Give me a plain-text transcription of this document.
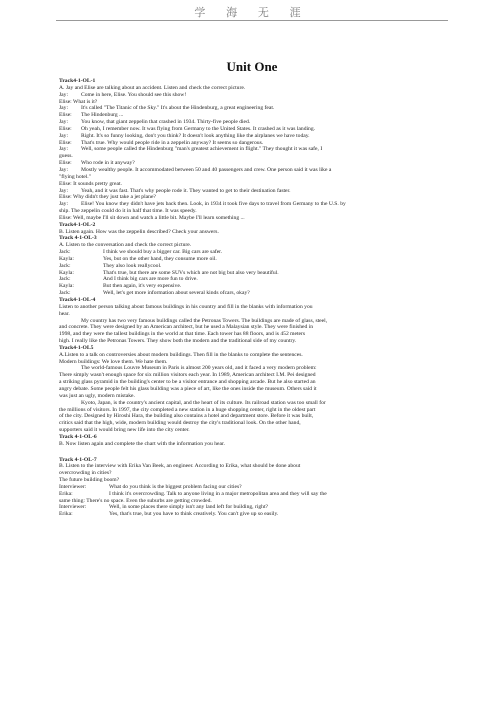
学 海 无 涯
Unit One
Track4-1-OL-1
A. Jay and Elise are talking about an accident. Listen and check the correct picture.
Jay:	Come in here, Elise. You should see this show!
Elise: What is it?
Jay:	It's called "The Titanic of the Sky." It's about the Hindenburg, a great engineering feat.
Elise:	The Hindenburg ...
Jay:	You know, that giant zeppelin that crashed in 1934. Thirty-five people died.
Elise:	Oh yeah, I remember now. It was flying from Germany to the United States. It crashed as it was landing.
Jay:	Right. It's so funny looking, don't you think? It doesn't look anything like the airplanes we have today.
Elise:	That's true. Why would people ride in a zeppelin anyway? It seems so dangerous.
Jay:	Well, some people called the Hindenburg "man's greatest achievement in flight." They thought it was safe, I
guess.
Elise:	Who rode in it anyway?
Jay:	Mostly wealthy people. It accommodated between 50 and 40 passengers and crew. One person said it was like a
"flying hotel."
Elise: It sounds pretty great.
Jay:	Yeah, and it was fast. That's why people rode it. They wanted to get to their destination faster.
Elise: Why didn't they just take a jet plane?
Jay:	Elise! You know they didn't have jets back then. Look, in 1934 it took five days to travel from Germany to the U.S. by
ship. The zeppelin could do it in half that time. It was speedy.
Elise: Well, maybe I'll sit down and watch a little bit. Maybe I'll learn something ...
Track4-1-OL-2
B. Listen again. How was the zeppelin described? Check your answers.
Track 4-1-OL-3
A. Listen to the conversation and check the correct picture.
Jack:	I think we should buy a bigger car. Big cars are safer.
Kayla:	Yes, but on the other hand, they consume more oil.
Jack:	They also look reallycool.
Kayla:	That's true, but there are some SUVs which are not big but also very beautiful.
Jack:	And I think big cars are more fun to drive.
Kayla:	But then again, it's very expensive.
Jack:	Well, let's get more information about several kinds ofcars, okay?
Track4-1-OL-4
Listen to another person talking about famous buildings in his country and fill in the blanks with information you
hear.
My country has two very famous buildings called the Petronas Towers. The buildings are made of glass, steel,
and concrete. They were designed by an American architect, but he used a Malaysian style. They were finished in
1998, and they were the tallest buildings in the world at that time. Each tower has 88 floors, and is 452 meters
high. I really like the Petronas Towers. They show both the modern and the traditional side of my country.
Track4-1-OL5
A.Listen to a talk on controversies about modern buildings. Then fill in the blanks to complete the sentences.
Modern buildings: We love them. We hate them.
The world-famous Louvre Museum in Paris is almost 200 years old, and it faced a very modern problem:
There simply wasn't enough space for six million visitors each year. In 1989, American architect I.M. Pei designed
a striking glass pyramid in the building's center to be a visitor entrance and shopping arcade. But he also started an
angry debate. Some people felt his glass building was a piece of art, like the ones inside the museum. Others said it
was just an ugly, modern mistake.
Kyoto, Japan, is the country's ancient capital, and the heart of its culture. Its railroad station was too small for
the millions of visitors. In 1997, the city completed a new station in a huge shopping center, right in the oldest part
of the city. Designed by Hiroshi Hara, the building also contains a hotel and department store. Before it was built,
critics said that the high, wide, modern building would destroy the city's traditional look. On the other hand,
supporters said it would bring new life into the city center.
Track 4-1-OL-6
B. Now listen again and complete the chart with the information you hear.
Track 4-1-OL-7
B. Listen to the interview with Erika Van Beek, an engineer. According to Erika, what should be done about
overcrowding in cities?
The future building boom?
Interviewer:	What do you think is the biggest problem facing our cities?
Erika:	I think it's overcrowding. Talk to anyone living in a major metropolitan area and they will say the
same thing: There's no space. Even the suburbs are getting crowded.
Interviewer:	Well, in some places there simply isn't any land left for building, right?
Erika:	Yes, that's true, but you have to think creatively. You can't give up so easily.
